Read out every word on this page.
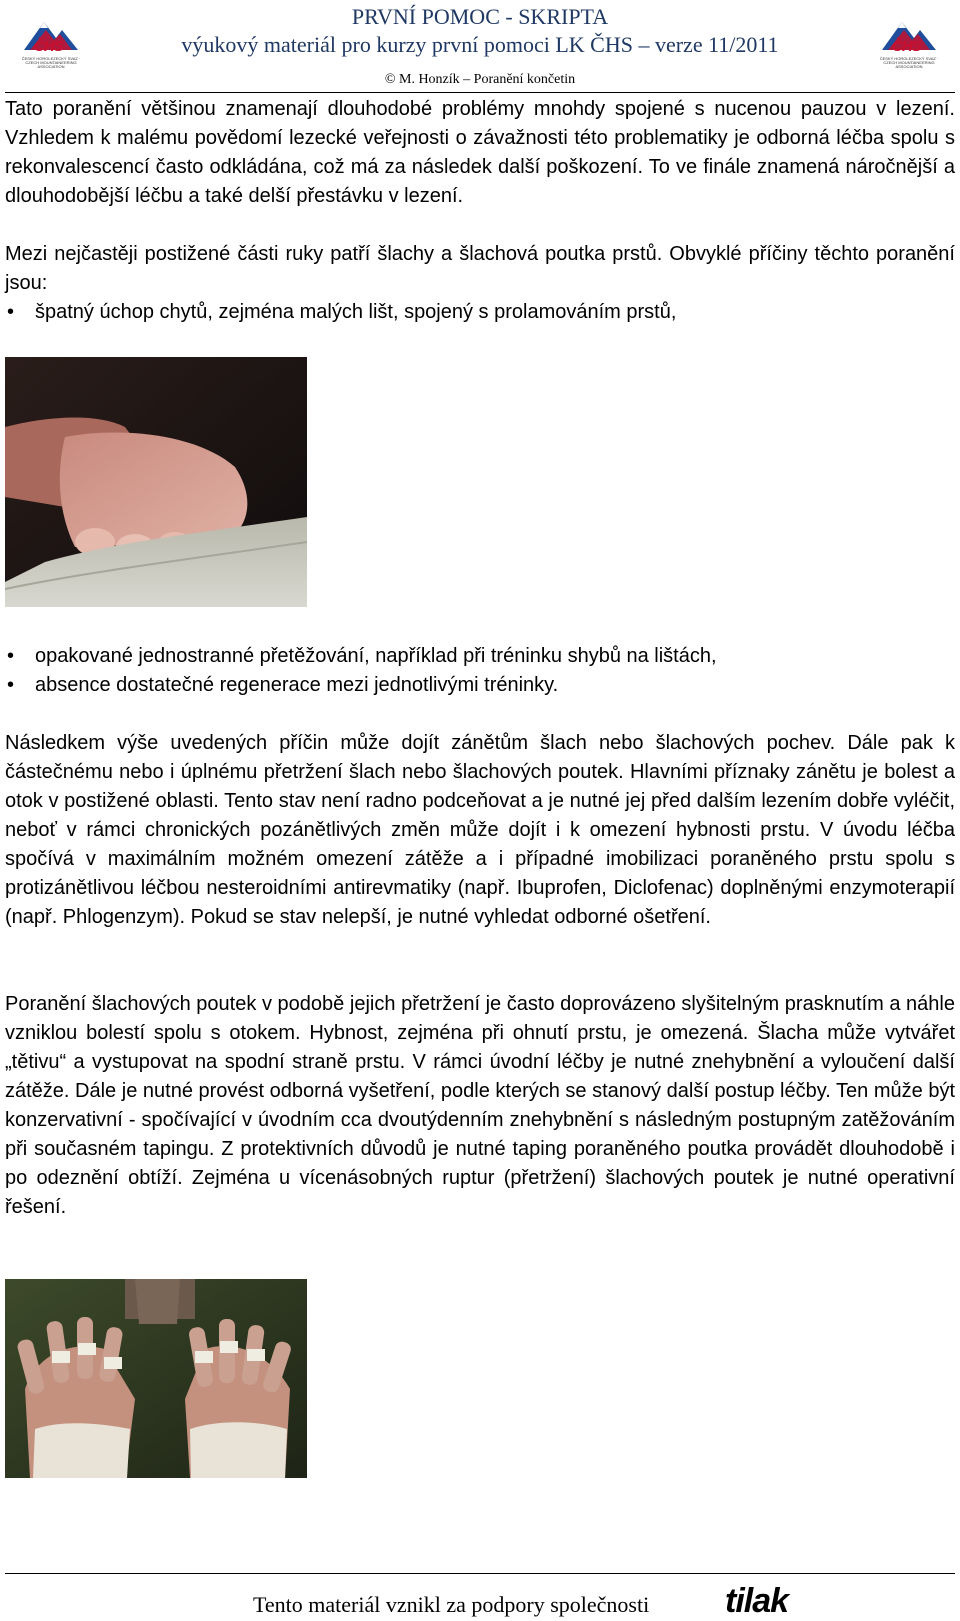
ČHS
ČESKÝ HOROLEZECKÝ SVAZ · CZECH MOUNTAINEERING ASSOCIATION
PRVNÍ POMOC - SKRIPTA
výukový materiál pro kurzy první pomoci LK ČHS – verze 11/2011
© M. Honzík – Poranění končetin
ČHS
ČESKÝ HOROLEZECKÝ SVAZ · CZECH MOUNTAINEERING ASSOCIATION
Tato poranění většinou znamenají dlouhodobé problémy mnohdy spojené s nucenou pauzou v lezení. Vzhledem k malému povědomí lezecké veřejnosti o závažnosti této problematiky je odborná léčba spolu s rekonvalescencí často odkládána, což má za následek další poškození. To ve finále znamená náročnější a dlouhodobější léčbu a také delší přestávku v lezení.
Mezi nejčastěji postižené části ruky patří šlachy a šlachová poutka prstů. Obvyklé příčiny těchto poranění jsou:
•	špatný úchop chytů, zejména malých lišt, spojený s prolamováním prstů,
•	opakované jednostranné přetěžování, například při tréninku shybů na lištách,
•	absence dostatečné regenerace mezi jednotlivými tréninky.
Následkem výše uvedených příčin může dojít zánětům šlach nebo šlachových pochev. Dále pak k částečnému nebo i úplnému přetržení šlach nebo šlachových poutek. Hlavními příznaky zánětu je bolest a otok v postižené oblasti. Tento stav není radno podceňovat a je nutné jej před dalším lezením dobře vyléčit, neboť v rámci chronických pozánětlivých změn může dojít i k omezení hybnosti prstu. V úvodu léčba spočívá v maximálním možném omezení zátěže a i případné imobilizaci poraněného prstu spolu s protizánětlivou léčbou nesteroidními antirevmatiky (např. Ibuprofen, Diclofenac) doplněnými enzymoterapií (např. Phlogenzym). Pokud se stav nelepší, je nutné vyhledat odborné ošetření.
Poranění šlachových poutek v podobě jejich přetržení je často doprovázeno slyšitelným prasknutím a náhle vzniklou bolestí spolu s otokem. Hybnost, zejména při ohnutí prstu, je omezená. Šlacha může vytvářet „tětivu“ a vystupovat na spodní straně prstu. V rámci úvodní léčby je nutné znehybnění a vyloučení další zátěže. Dále je nutné provést odborná vyšetření, podle kterých se stanový další postup léčby. Ten může být konzervativní - spočívající v úvodním cca dvoutýdenním znehybnění s následným postupným zatěžováním při současném tapingu. Z protektivních důvodů je nutné taping poraněného poutka provádět dlouhodobě i po odeznění obtíží. Zejména u vícenásobných ruptur (přetržení) šlachových poutek je nutné operativní řešení.
Tento materiál vznikl za podpory společnosti tilak
